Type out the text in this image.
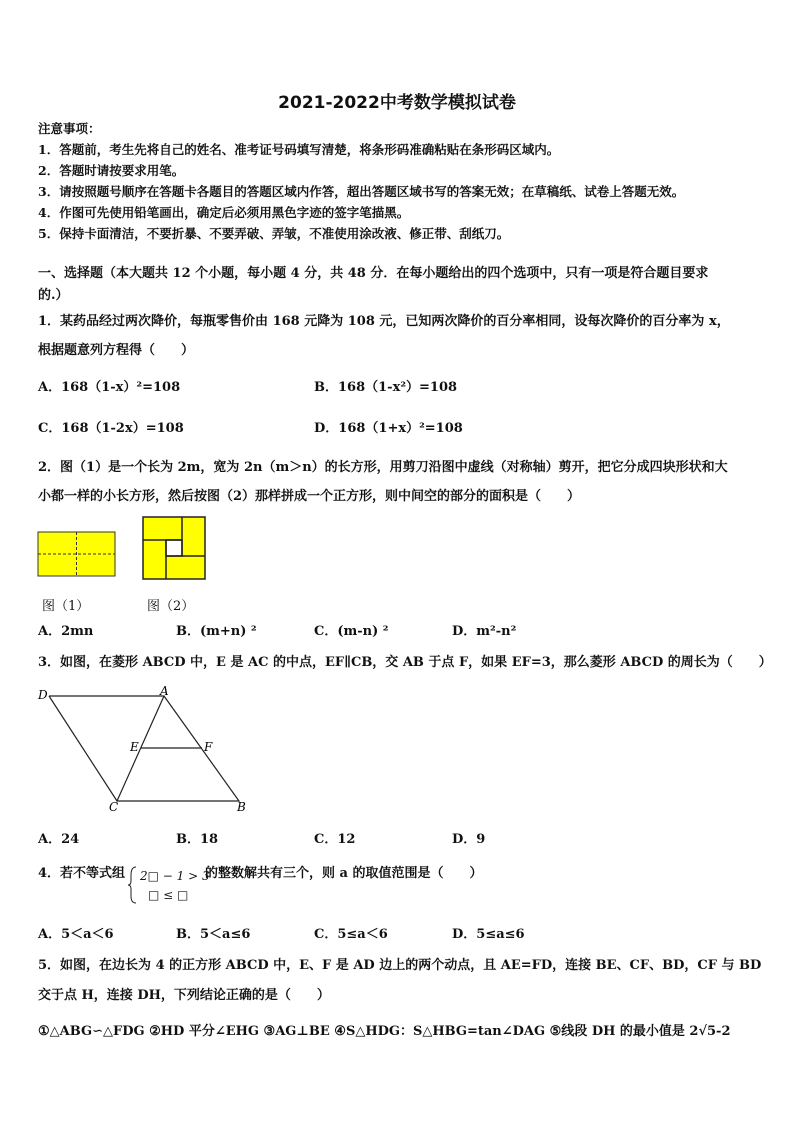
2021-2022中考数学模拟试卷
注意事项：
1．答题前，考生先将自己的姓名、准考证号码填写清楚，将条形码准确粘贴在条形码区域内。
2．答题时请按要求用笔。
3．请按照题号顺序在答题卡各题目的答题区域内作答，超出答题区域书写的答案无效；在草稿纸、试卷上答题无效。
4．作图可先使用铅笔画出，确定后必须用黑色字迹的签字笔描黑。
5．保持卡面清洁，不要折暴、不要弄破、弄皱，不准使用涂改液、修正带、刮纸刀。
一、选择题（本大题共 12 个小题，每小题 4 分，共 48 分．在每小题给出的四个选项中，只有一项是符合题目要求
的.）
1．某药品经过两次降价，每瓶零售价由 168 元降为 108 元，已知两次降价的百分率相同，设每次降价的百分率为 x，
根据题意列方程得（　　）
A．168（1-x）²=108	B．168（1-x²）=108
C．168（1-2x）=108	D．168（1+x）²=108
2．图（1）是一个长为 2m，宽为 2n（m＞n）的长方形，用剪刀沿图中虚线（对称轴）剪开，把它分成四块形状和大
小都一样的小长方形，然后按图（2）那样拼成一个正方形，则中间空的部分的面积是（　　）
图（1）	图（2）
A．2mn	B．(m+n) ²	C．(m-n) ²	D．m²-n²
3．如图，在菱形 ABCD 中，E 是 AC 的中点，EF∥CB，交 AB 于点 F，如果 EF=3，那么菱形 ABCD 的周长为（　　）
D	A
E	F
C	B
A．24	B．18	C．12	D．9
4．若不等式组 2□ − 1 > 3
□ ≤ □
的整数解共有三个，则 a 的取值范围是（　　）
A．5＜a＜6	B．5＜a≤6	C．5≤a＜6	D．5≤a≤6
5．如图，在边长为 4 的正方形 ABCD 中，E、F 是 AD 边上的两个动点，且 AE=FD，连接 BE、CF、BD，CF 与 BD
交于点 H，连接 DH，下列结论正确的是（　　）
①△ABG∽△FDG ②HD 平分∠EHG ③AG⊥BE ④S△HDG：S△HBG=tan∠DAG ⑤线段 DH 的最小值是 2√5-2
